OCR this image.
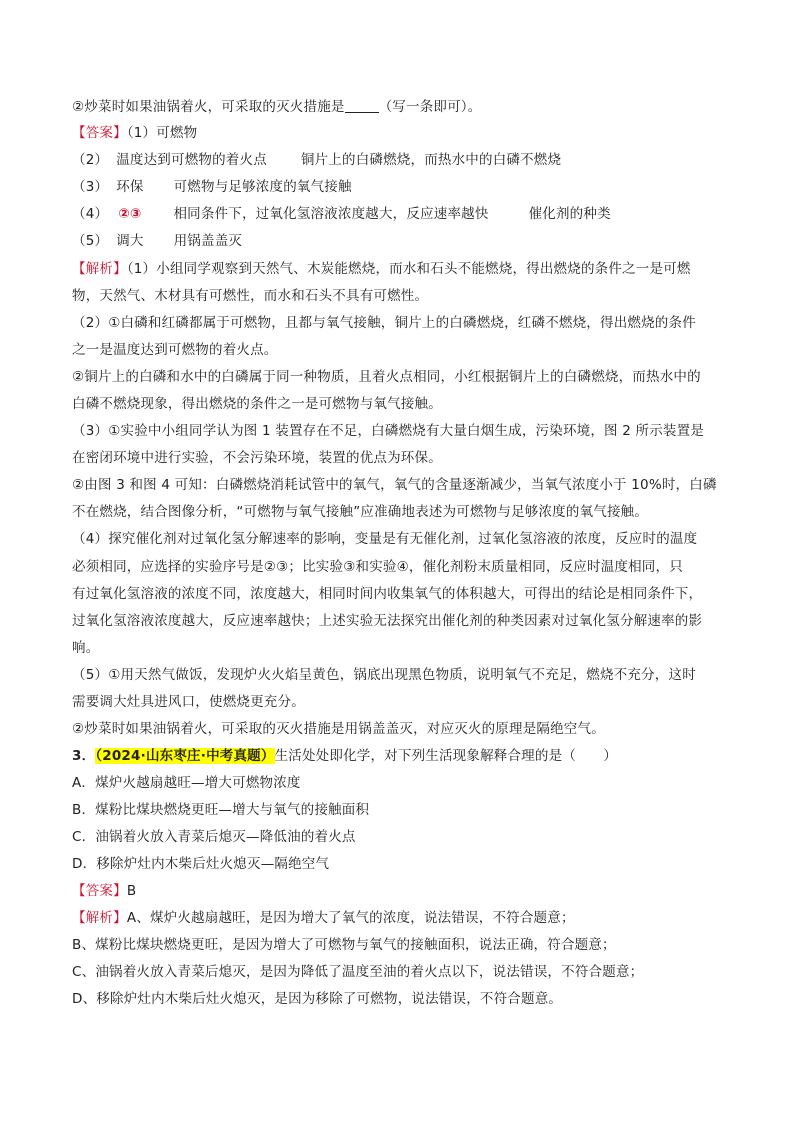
②炒菜时如果油锅着火，可采取的灭火措施是	（写一条即可）。
【答案】（1）可燃物
（2） 温度达到可燃物的着火点	铜片上的白磷燃烧，而热水中的白磷不燃烧
（3） 环保 可燃物与足够浓度的氧气接触
（4） ②③ 相同条件下，过氧化氢溶液浓度越大，反应速率越快	催化剂的种类
（5） 调大 用锅盖盖灭
【解析】（1）小组同学观察到天然气、木炭能燃烧，而水和石头不能燃烧，得出燃烧的条件之一是可燃
物，天然气、木材具有可燃性，而水和石头不具有可燃性。
（2）①白磷和红磷都属于可燃物，且都与氧气接触，铜片上的白磷燃烧，红磷不燃烧，得出燃烧的条件
之一是温度达到可燃物的着火点。
②铜片上的白磷和水中的白磷属于同一种物质，且着火点相同，小红根据铜片上的白磷燃烧，而热水中的
白磷不燃烧现象，得出燃烧的条件之一是可燃物与氧气接触。
（3）①实验中小组同学认为图 1 装置存在不足，白磷燃烧有大量白烟生成，污染环境，图 2 所示装置是
在密闭环境中进行实验，不会污染环境，装置的优点为环保。
②由图 3 和图 4 可知：白磷燃烧消耗试管中的氧气，氧气的含量逐渐减少，当氧气浓度小于 10%时，白磷
不在燃烧，结合图像分析，“可燃物与氧气接触”应准确地表述为可燃物与足够浓度的氧气接触。
（4）探究催化剂对过氧化氢分解速率的影响，变量是有无催化剂，过氧化氢溶液的浓度，反应时的温度
必须相同，应选择的实验序号是②③；比实验③和实验④，催化剂粉末质量相同，反应时温度相同，只
有过氧化氢溶液的浓度不同，浓度越大，相同时间内收集氧气的体积越大，可得出的结论是相同条件下，
过氧化氢溶液浓度越大，反应速率越快；上述实验无法探究出催化剂的种类因素对过氧化氢分解速率的影
响。
（5）①用天然气做饭，发现炉火火焰呈黄色，锅底出现黑色物质，说明氧气不充足，燃烧不充分，这时
需要调大灶具进风口，使燃烧更充分。
②炒菜时如果油锅着火，可采取的灭火措施是用锅盖盖灭，对应灭火的原理是隔绝空气。
3．（2024·山东枣庄·中考真题）生活处处即化学，对下列生活现象解释合理的是（　　）
A．煤炉火越扇越旺—增大可燃物浓度
B．煤粉比煤块燃烧更旺—增大与氧气的接触面积
C．油锅着火放入青菜后熄灭—降低油的着火点
D．移除炉灶内木柴后灶火熄灭—隔绝空气
【答案】B
【解析】A、煤炉火越扇越旺，是因为增大了氧气的浓度，说法错误，不符合题意；
B、煤粉比煤块燃烧更旺，是因为增大了可燃物与氧气的接触面积，说法正确，符合题意；
C、油锅着火放入青菜后熄灭，是因为降低了温度至油的着火点以下，说法错误，不符合题意；
D、移除炉灶内木柴后灶火熄灭，是因为移除了可燃物，说法错误，不符合题意。
